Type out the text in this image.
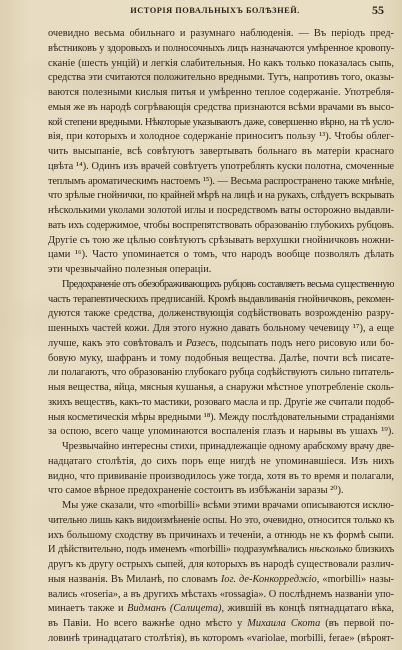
ИСТОРІЯ ПОВАЛЬНЫХЪ БОЛѢЗНЕЙ.	55
очевидно весьма обильнаго и разумнаго наблюденія. — Въ періодъ пред-
вѣстниковъ у здоровыхъ и полносочныхъ лицъ назначаются умѣренное кровопу-
сканіе (шесть унцій) и легкія слабительныя. Но какъ только показалась сыпь,
средства эти считаются положительно вредными. Тутъ, напротивъ того, оказы-
ваются полезными кислыя питья и умѣренно теплое содержаніе. Употребля-
емыя же въ народѣ согрѣвающія средства признаются всѣми врачами въ высо-
кой степени вредными. Нѣкоторые указываютъ даже, совершенно вѣрно, на тѣ усло-
вія, при которыхъ и холодное содержаніе приноситъ пользу ¹³). Чтобы облег-
чить высыпаніе, всѣ совѣтуютъ завертывать больнаго въ матеріи краснаго
цвѣта ¹⁴). Одинъ изъ врачей совѣтуетъ употреблять куски полотна, смоченные
теплымъ ароматическимъ настоемъ ¹⁵). — Весьма распространено также мнѣніе,
что зрѣлые гнойнички, по крайней мѣрѣ на лицѣ и на рукахъ, слѣдуетъ вскрывать
нѣсколькими уколами золотой иглы и посредствомъ ваты осторожно выдавли-
вать ихъ содержимое, чтобы воспрепятствовать образованію глубокихъ рубцовъ.
Другіе съ тою же цѣлью совѣтуютъ срѣзывать верхушки гнойничковъ ножни-
цами ¹⁶). Часто упоминается о томъ, что народъ вообще позволялъ дѣлать
эти чрезвычайно полезныя операціи.
Предохраненіе отъ обезображивающихъ рубцовъ составляетъ весьма существенную
часть терапевтическихъ предписаній. Кромѣ выдавливанія гнойничковъ, рекомен-
дуются также средства, долженствующія содѣйствовать возрожденію разру-
шенныхъ частей кожи. Для этого нужно давать больному чечевицу ¹⁷), а еще
лучше, какъ это совѣтовалъ и Разесъ, подсыпать подъ него рисовую или бо-
бовую муку, шафранъ и тому подобныя вещества. Далѣе, почти всѣ писате-
ли полагаютъ, что образованію глубокаго рубца содѣйствуютъ сильно питатель-
ныя вещества, яйца, мясныя кушанья, а снаружи мѣстное употребленіе сколь-
зкихъ веществъ, какъ-то мастики, розоваго масла и пр. Другіе же считали подоб-
ныя косметическія мѣры вредными ¹⁸). Между послѣдовательными страданіями
за оспою, всего чаще упоминаются воспаленія глазъ и нарывы въ ушахъ ¹⁹).
Чрезвычайно интересны стихи, принадлежащіе одному арабскому врачу две-
надцатаго столѣтія, до сихъ поръ еще нигдѣ не упоминавшіеся. Изъ нихъ
видно, что прививаніе производилось уже тогда, хотя въ то время и полагали,
что самое вѣрное предохраненіе состоитъ въ избѣжаніи заразы ²⁰).
Мы уже сказали, что «morbilli» всѣми этими врачами описываются исклю-
чительно лишь какъ видоизмѣненіе оспы. Но это, очевидно, относится только къ
ихъ большому сходству въ причинахъ и теченіи, а отнюдь не къ формѣ сыпи.
И дѣйствительно, подъ именемъ «morbilli» подразумѣвались нѣсколько близкихъ
другъ къ другу острыхъ сыпей, для которыхъ въ народѣ существовали различ-
ныя названія. Въ Миланѣ, по словамъ Іог. де-Конкорреджіо, «morbilli» назы-
вались «roseria», а въ другихъ мѣстахъ «rossagia». О послѣднемъ названіи упо-
минаетъ также и Видманъ (Салицета), жившій въ концѣ пятнадцатаго вѣка,
въ Павіи. Но всего важнѣе одно мѣсто у Михаила Скота (въ первой по-
ловинѣ тринадцатаго столѣтія), въ которомъ «variolae, morbilli, ferae» (вѣроят-
